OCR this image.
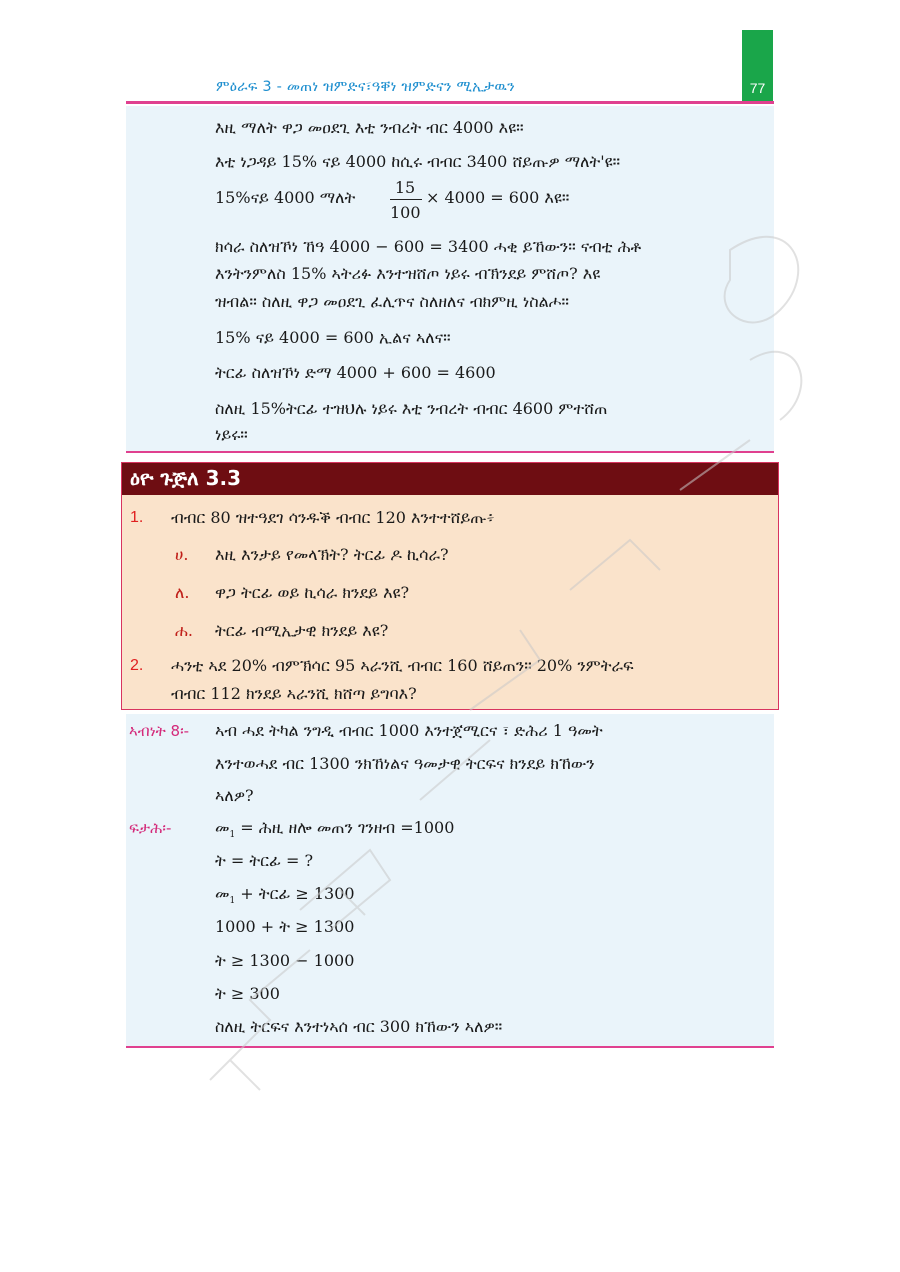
77
ምዕራፍ 3 - መጠነ ዝምድና፣ዓቐነ ዝምድናን ሚኢታዉን
እዚ ማለት ዋጋ መዐደጊ እቲ ንብረት ብር 4000 እዩ።
እቲ ነጋዳይ 15% ናይ 4000 ከሲሩ ብብር 3400 ሸይጡዎ ማለት'ዩ።
15%ናይ 4000 ማለት
15
100
× 4000 = 600 እዩ።
ክሳራ ስለዝኾነ ኸዓ 4000 − 600 = 3400 ሓቂ ይኸውን። ናብቲ ሕቶ
እንትንምለስ 15% ኣትሪፉ እንተዝሸጦ ነይሩ ብኽንደይ ምሸጦ? እዩ
ዝብል። ስለዚ ዋጋ መዐደጊ ፈሊጥና ስለዘለና ብክምዚ ነስልሖ።
15% ናይ 4000 = 600 ኢልና ኣለና።
ትርፊ ስለዝኾነ ድማ 4000 + 600 = 4600
ስለዚ 15%ትርፊ ተዝህሉ ነይሩ እቲ ንብረት ብብር 4600 ምተሸጠ
ነይሩ።
ዕዮ ጉጅለ 3.3
1. ብብር 80 ዝተዓደገ ሳንዱቕ ብብር 120 እንተተሸይጡ፥
ሀ. እዚ እንታይ የመላኽት? ትርፊ ዶ ኪሳራ?
ለ. ዋጋ ትርፊ ወይ ኪሳራ ክንደይ እዩ?
ሐ. ትርፊ ብሚኢታዊ ክንደይ እዩ?
2. ሓንቲ ኣደ 20% ብምኽሳር 95 ኣራንሺ ብብር 160 ሸይጠን። 20% ንምትራፍ
ብብር 112 ክንደይ ኣራንሺ ክሸጣ ይግባእ?
ኣብነት 8፡- ኣብ ሓደ ትካል ንግዲ ብብር 1000 እንተጀሚርና ፣ ድሕሪ 1 ዓመት
እንተወሓደ ብር 1300 ንክኸነልና ዓመታዊ ትርፍና ክንደይ ክኸውን
ኣለዎ?
ፍታሕ፡-	መ$_1$ = ሕዚ ዘሎ መጠን ገንዘብ =1000
ት = ትርፊ = ?
መ$_1$ + ትርፊ ≥ 1300
1000 + ት ≥ 1300
ት ≥ 1300 − 1000
ት ≥ 300
ስለዚ ትርፍና እንተነኣሰ ብር 300 ክኸውን ኣለዎ።
